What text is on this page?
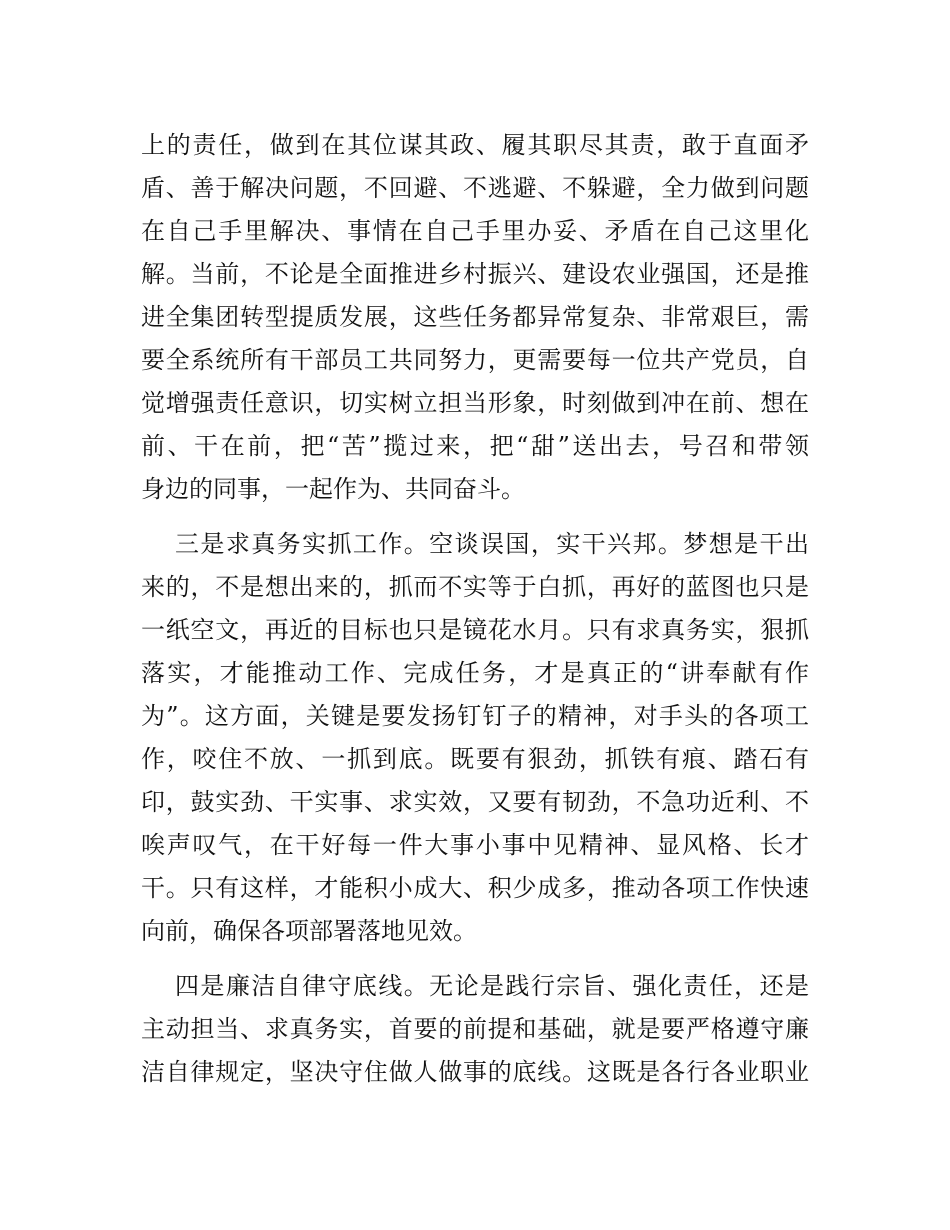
上的责任，做到在其位谋其政、履其职尽其责，敢于直面矛
盾、善于解决问题，不回避、不逃避、不躲避，全力做到问题
在自己手里解决、事情在自己手里办妥、矛盾在自己这里化
解。当前，不论是全面推进乡村振兴、建设农业强国，还是推
进全集团转型提质发展，这些任务都异常复杂、非常艰巨，需
要全系统所有干部员工共同努力，更需要每一位共产党员，自
觉增强责任意识，切实树立担当形象，时刻做到冲在前、想在
前、干在前，把“苦”揽过来，把“甜”送出去，号召和带领
身边的同事，一起作为、共同奋斗。
三是求真务实抓工作。空谈误国，实干兴邦。梦想是干出
来的，不是想出来的，抓而不实等于白抓，再好的蓝图也只是
一纸空文，再近的目标也只是镜花水月。只有求真务实，狠抓
落实，才能推动工作、完成任务，才是真正的“讲奉献有作
为”。这方面，关键是要发扬钉钉子的精神，对手头的各项工
作，咬住不放、一抓到底。既要有狠劲，抓铁有痕、踏石有
印，鼓实劲、干实事、求实效，又要有韧劲，不急功近利、不
唉声叹气，在干好每一件大事小事中见精神、显风格、长才
干。只有这样，才能积小成大、积少成多，推动各项工作快速
向前，确保各项部署落地见效。
四是廉洁自律守底线。无论是践行宗旨、强化责任，还是
主动担当、求真务实，首要的前提和基础，就是要严格遵守廉
洁自律规定，坚决守住做人做事的底线。这既是各行各业职业
